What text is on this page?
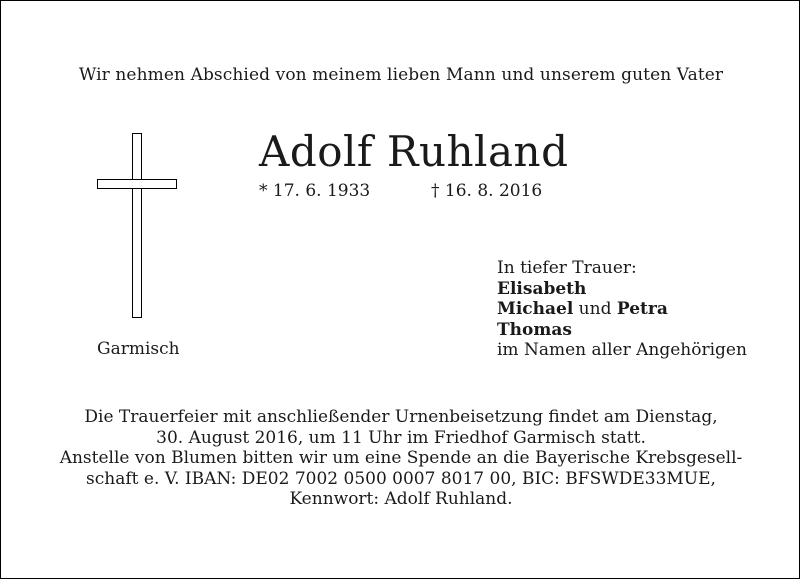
Wir nehmen Abschied von meinem lieben Mann und unserem guten Vater
Garmisch
Adolf Ruhland
* 17. 6. 1933	† 16. 8. 2016
In tiefer Trauer:
Elisabeth
Michael und Petra
Thomas
im Namen aller Angehörigen
Die Trauerfeier mit anschließender Urnenbeisetzung findet am Dienstag,
30. August 2016, um 11 Uhr im Friedhof Garmisch statt.
Anstelle von Blumen bitten wir um eine Spende an die Bayerische Krebsgesell-
schaft e. V. IBAN: DE02 7002 0500 0007 8017 00, BIC: BFSWDE33MUE,
Kennwort: Adolf Ruhland.
